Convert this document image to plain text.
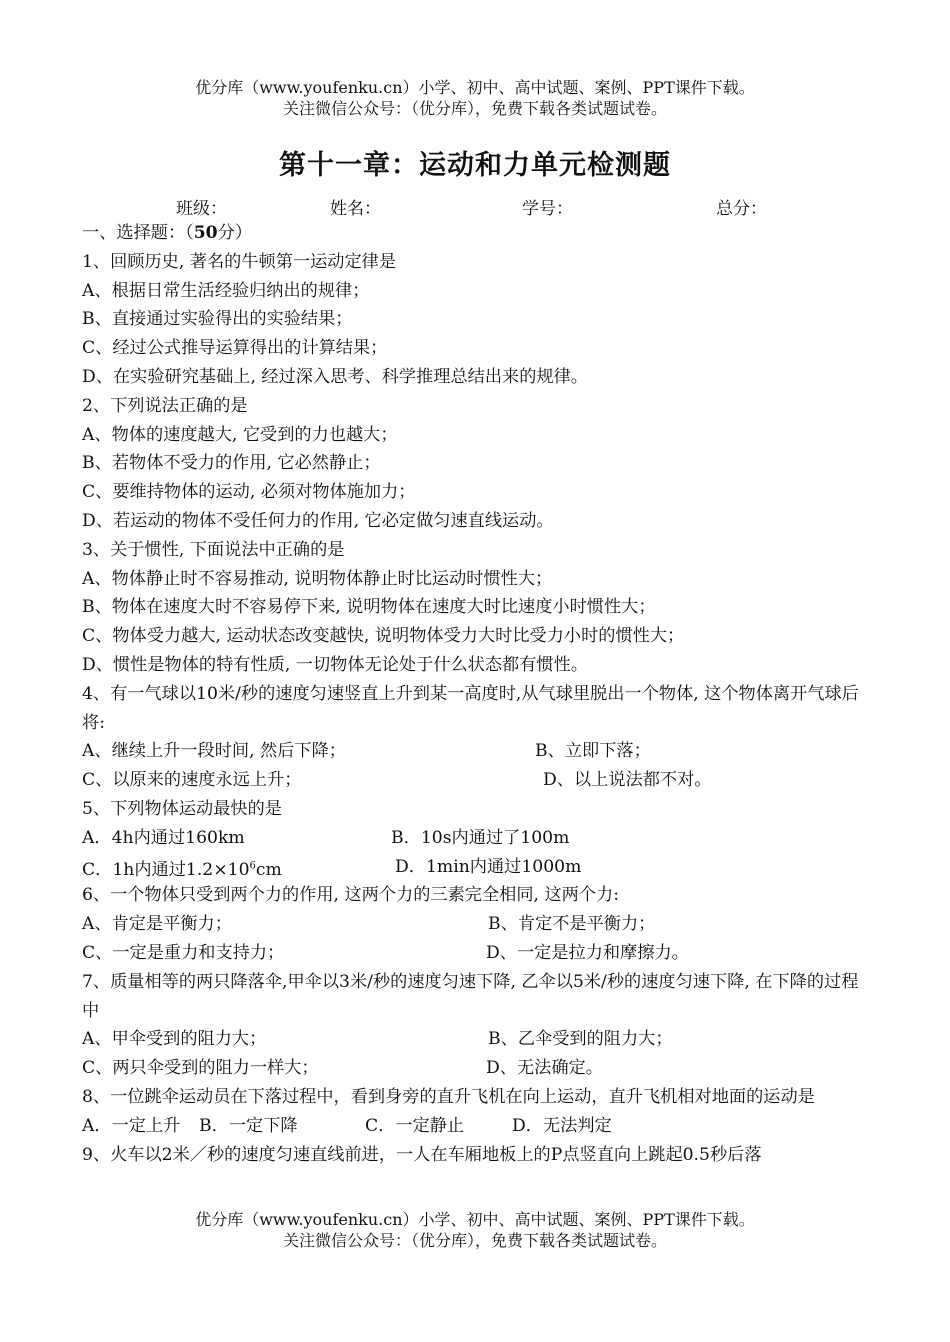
优分库（www.youfenku.cn）小学、初中、高中试题、案例、PPT课件下载。
关注微信公众号：（优分库），免费下载各类试题试卷。
第十一章：运动和力单元检测题
班级：	姓名：	学号：	总分：
一、选择题：（50分）
1、回顾历史, 著名的牛顿第一运动定律是
A、根据日常生活经验归纳出的规律；
B、直接通过实验得出的实验结果；
C、经过公式推导运算得出的计算结果；
D、在实验研究基础上, 经过深入思考、科学推理总结出来的规律。
2、下列说法正确的是
A、物体的速度越大, 它受到的力也越大；
B、若物体不受力的作用, 它必然静止；
C、要维持物体的运动, 必须对物体施加力；
D、若运动的物体不受任何力的作用, 它必定做匀速直线运动。
3、关于惯性, 下面说法中正确的是
A、物体静止时不容易推动, 说明物体静止时比运动时惯性大；
B、物体在速度大时不容易停下来, 说明物体在速度大时比速度小时惯性大；
C、物体受力越大, 运动状态改变越快, 说明物体受力大时比受力小时的惯性大；
D、惯性是物体的特有性质, 一切物体无论处于什么状态都有惯性。
4、有一气球以10米/秒的速度匀速竖直上升到某一高度时,从气球里脱出一个物体, 这个物体离开气球后将:
A、继续上升一段时间, 然后下降；	B、立即下落；
C、以原来的速度永远上升；	D、以上说法都不对。
5、下列物体运动最快的是
A．4h内通过160km	B．10s内通过了100m
C．1h内通过$1.2\times 10^6cm$	D．1min内通过1000m
6、一个物体只受到两个力的作用, 这两个力的三素完全相同, 这两个力:
A、肯定是平衡力；	B、肯定不是平衡力；
C、一定是重力和支持力；	D、一定是拉力和摩擦力。
7、质量相等的两只降落伞,甲伞以3米/秒的速度匀速下降, 乙伞以5米/秒的速度匀速下降, 在下降的过程中
A、甲伞受到的阻力大；	B、乙伞受到的阻力大；
C、两只伞受到的阻力一样大；	D、无法确定。
8、一位跳伞运动员在下落过程中，看到身旁的直升飞机在向上运动，直升飞机相对地面的运动是
A．一定上升 B．一定下降	C．一定静止	D．无法判定
9、火车以2米／秒的速度匀速直线前进，一人在车厢地板上的P点竖直向上跳起0.5秒后落
优分库（www.youfenku.cn）小学、初中、高中试题、案例、PPT课件下载。
关注微信公众号：（优分库），免费下载各类试题试卷。
